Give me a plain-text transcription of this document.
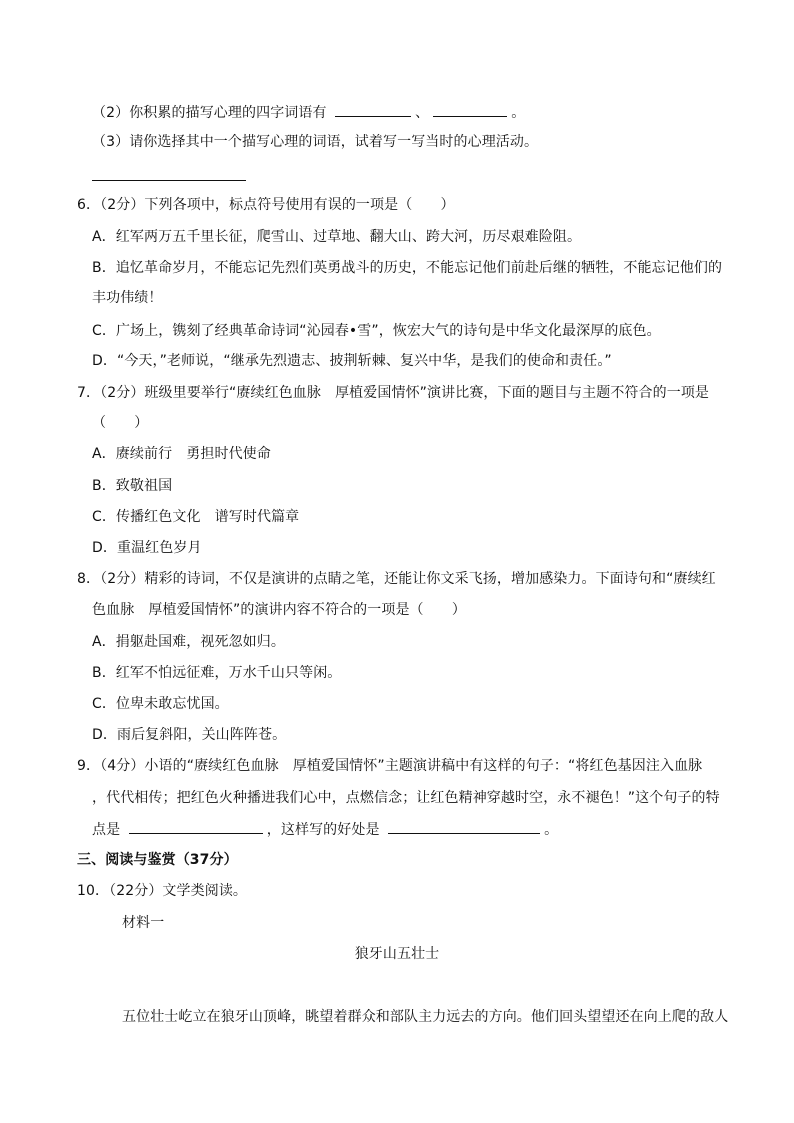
（2）你积累的描写心理的四字词语有	、	。
（3）请你选择其中一个描写心理的词语，试着写一写当时的心理活动。
6．（2分）下列各项中，标点符号使用有误的一项是（　　）
A．红军两万五千里长征，爬雪山、过草地、翻大山、跨大河，历尽艰难险阻。
B．追忆革命岁月，不能忘记先烈们英勇战斗的历史，不能忘记他们前赴后继的牺牲，不能忘记他们的
丰功伟绩！
C．广场上，镌刻了经典革命诗词“沁园春•雪”，恢宏大气的诗句是中华文化最深厚的底色。
D．“今天，”老师说，“继承先烈遗志、披荆斩棘、复兴中华，是我们的使命和责任。”
7．（2分）班级里要举行“赓续红色血脉　厚植爱国情怀”演讲比赛，下面的题目与主题不符合的一项是
（　　）
A．赓续前行　勇担时代使命
B．致敬祖国
C．传播红色文化　谱写时代篇章
D．重温红色岁月
8．（2分）精彩的诗词，不仅是演讲的点睛之笔，还能让你文采飞扬，增加感染力。下面诗句和“赓续红
色血脉　厚植爱国情怀”的演讲内容不符合的一项是（　　）
A．捐躯赴国难，视死忽如归。
B．红军不怕远征难，万水千山只等闲。
C．位卑未敢忘忧国。
D．雨后复斜阳，关山阵阵苍。
9．（4分）小语的“赓续红色血脉　厚植爱国情怀”主题演讲稿中有这样的句子：“将红色基因注入血脉
，代代相传；把红色火种播进我们心中，点燃信念；让红色精神穿越时空，永不褪色！”这个句子的特
点是	，这样写的好处是	。
三、阅读与鉴赏（37分）
10．（22分）文学类阅读。
材料一
狼牙山五壮士
五位壮士屹立在狼牙山顶峰，眺望着群众和部队主力远去的方向。他们回头望望还在向上爬的敌人
